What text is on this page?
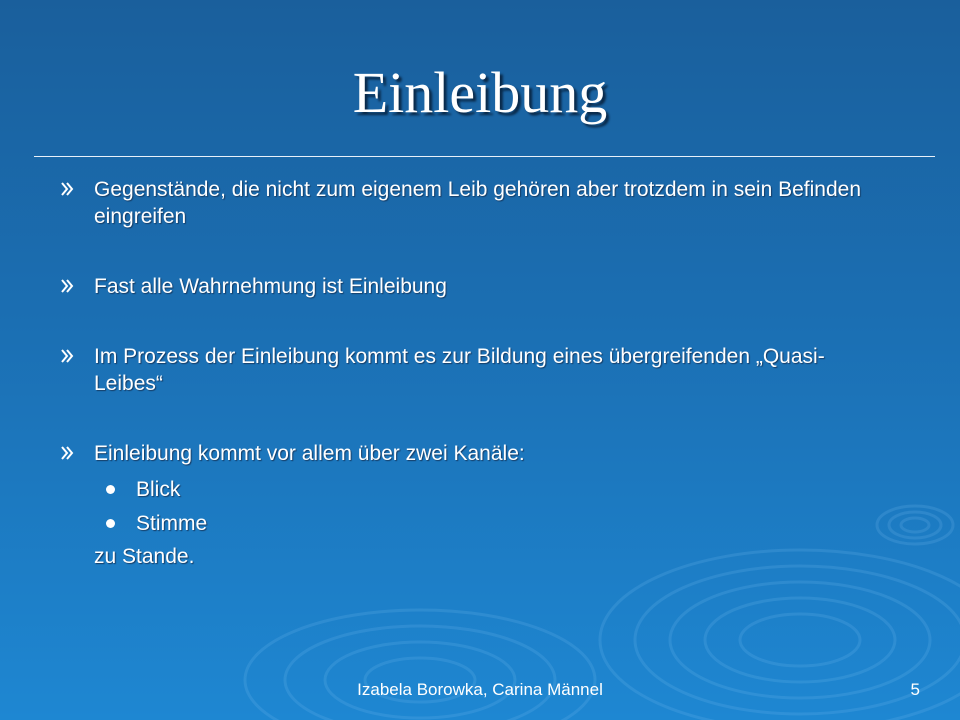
Einleibung
Gegenstände, die nicht zum eigenem Leib gehören aber trotzdem in sein Befinden eingreifen
Fast alle Wahrnehmung ist Einleibung
Im Prozess der Einleibung kommt es zur Bildung eines übergreifenden „Quasi- Leibes“
Einleibung kommt vor allem über zwei Kanäle:
Blick
Stimme
zu Stande.
Izabela Borowka, Carina Männel	5
